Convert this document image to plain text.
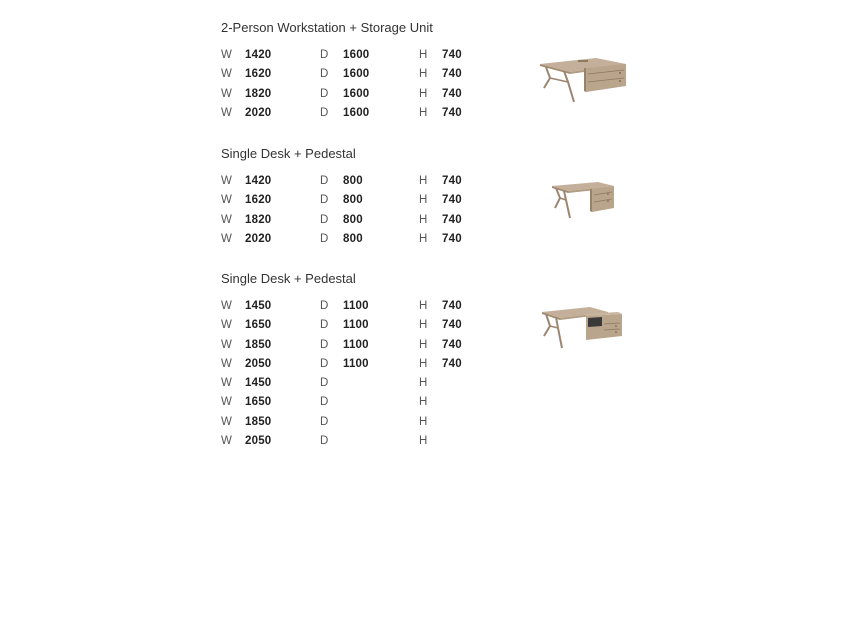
2-Person Workstation + Storage Unit
W 1420	D 1600	H 740
W 1620	D 1600	H 740
W 1820	D 1600	H 740
W 2020	D 1600	H 740
Single Desk + Pedestal
W 1420	D 800	H 740
W 1620	D 800	H 740
W 1820	D 800	H 740
W 2020	D 800	H 740
Single Desk + Pedestal
W 1450	D 1100	H 740
W 1650	D 1100	H 740
W 1850	D 1100	H 740
W 2050	D 1100	H 740
W 1450	D	H
W 1650	D	H
W 1850	D	H
W 2050	D	H
